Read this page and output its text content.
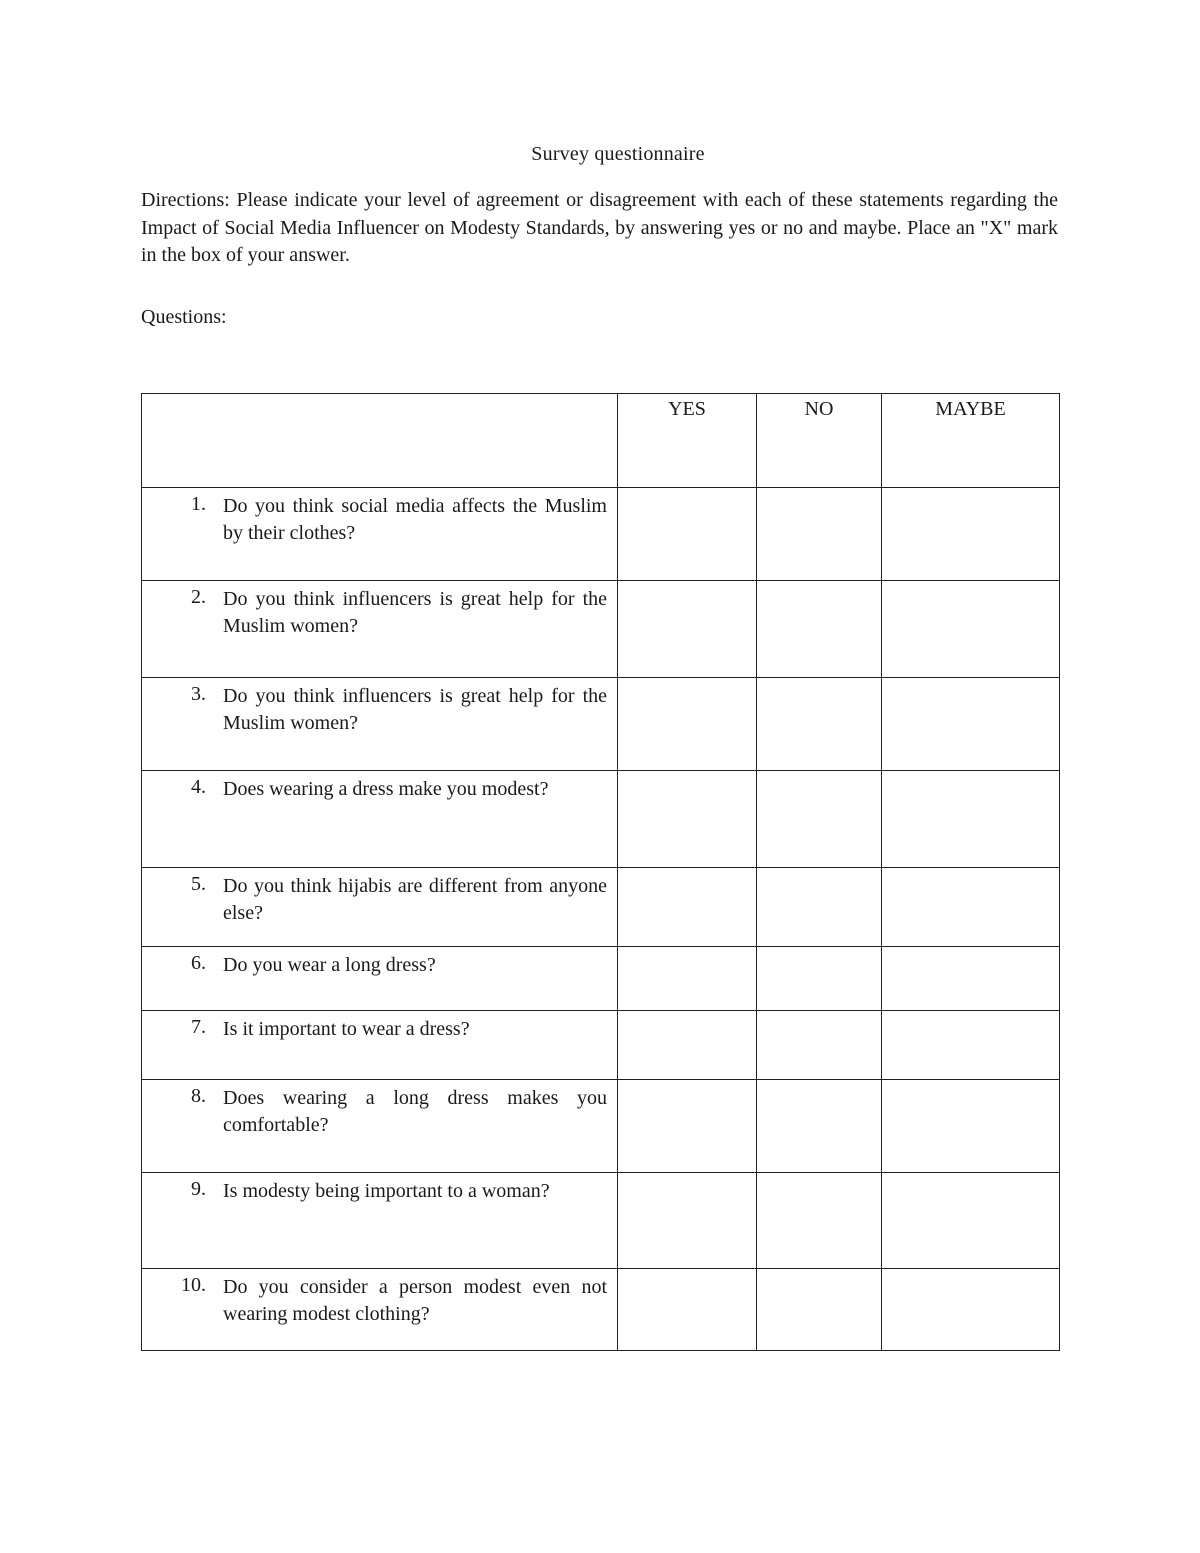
Survey questionnaire
Directions: Please indicate your level of agreement or disagreement with each of these statements regarding the Impact of Social Media Influencer on Modesty Standards, by answering yes or no and maybe. Place an "X" mark in the box of your answer.
Questions:
	YES	NO	MAYBE

1. Do you think social media affects the Muslim by their clothes?			

2. Do you think influencers is great help for the Muslim women?			

3. Do you think influencers is great help for the Muslim women?			

4. Does wearing a dress make you modest?			

5. Do you think hijabis are different from anyone else?			

6. Do you wear a long dress?			

7. Is it important to wear a dress?			

8. Does wearing a long dress makes you comfortable?			

9. Is modesty being important to a woman?			

10. Do you consider a person modest even not wearing modest clothing?			
